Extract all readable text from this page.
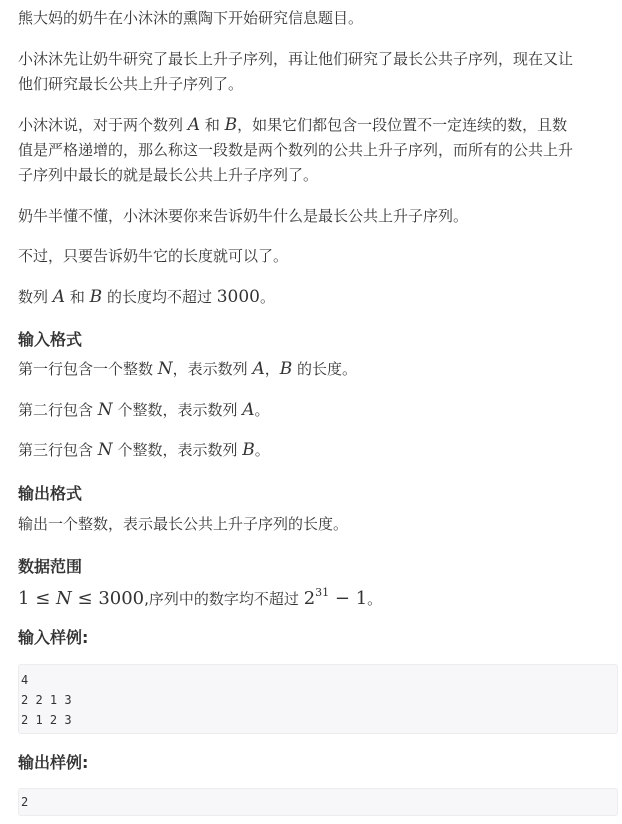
熊大妈的奶牛在小沐沐的熏陶下开始研究信息题目。

小沐沐先让奶牛研究了最长上升子序列，再让他们研究了最长公共子序列，现在又让

他们研究最长公共上升子序列了。

小沐沐说，对于两个数列 A 和 B，如果它们都包含一段位置不一定连续的数，且数

值是严格递增的，那么称这一段数是两个数列的公共上升子序列，而所有的公共上升

子序列中最长的就是最长公共上升子序列了。

奶牛半懂不懂，小沐沐要你来告诉奶牛什么是最长公共上升子序列。

不过，只要告诉奶牛它的长度就可以了。

数列 A 和 B 的长度均不超过 3000。

输入格式

第一行包含一个整数 N，表示数列 A，B 的长度。

第二行包含 N 个整数，表示数列 A。

第三行包含 N 个整数，表示数列 B。

输出格式

输出一个整数，表示最长公共上升子序列的长度。

数据范围

1 ≤ N ≤ 3000,序列中的数字均不超过 $2^{31} - 1$。

输入样例:
4
2 2 1 3
2 1 2 3
输出样例:
2
